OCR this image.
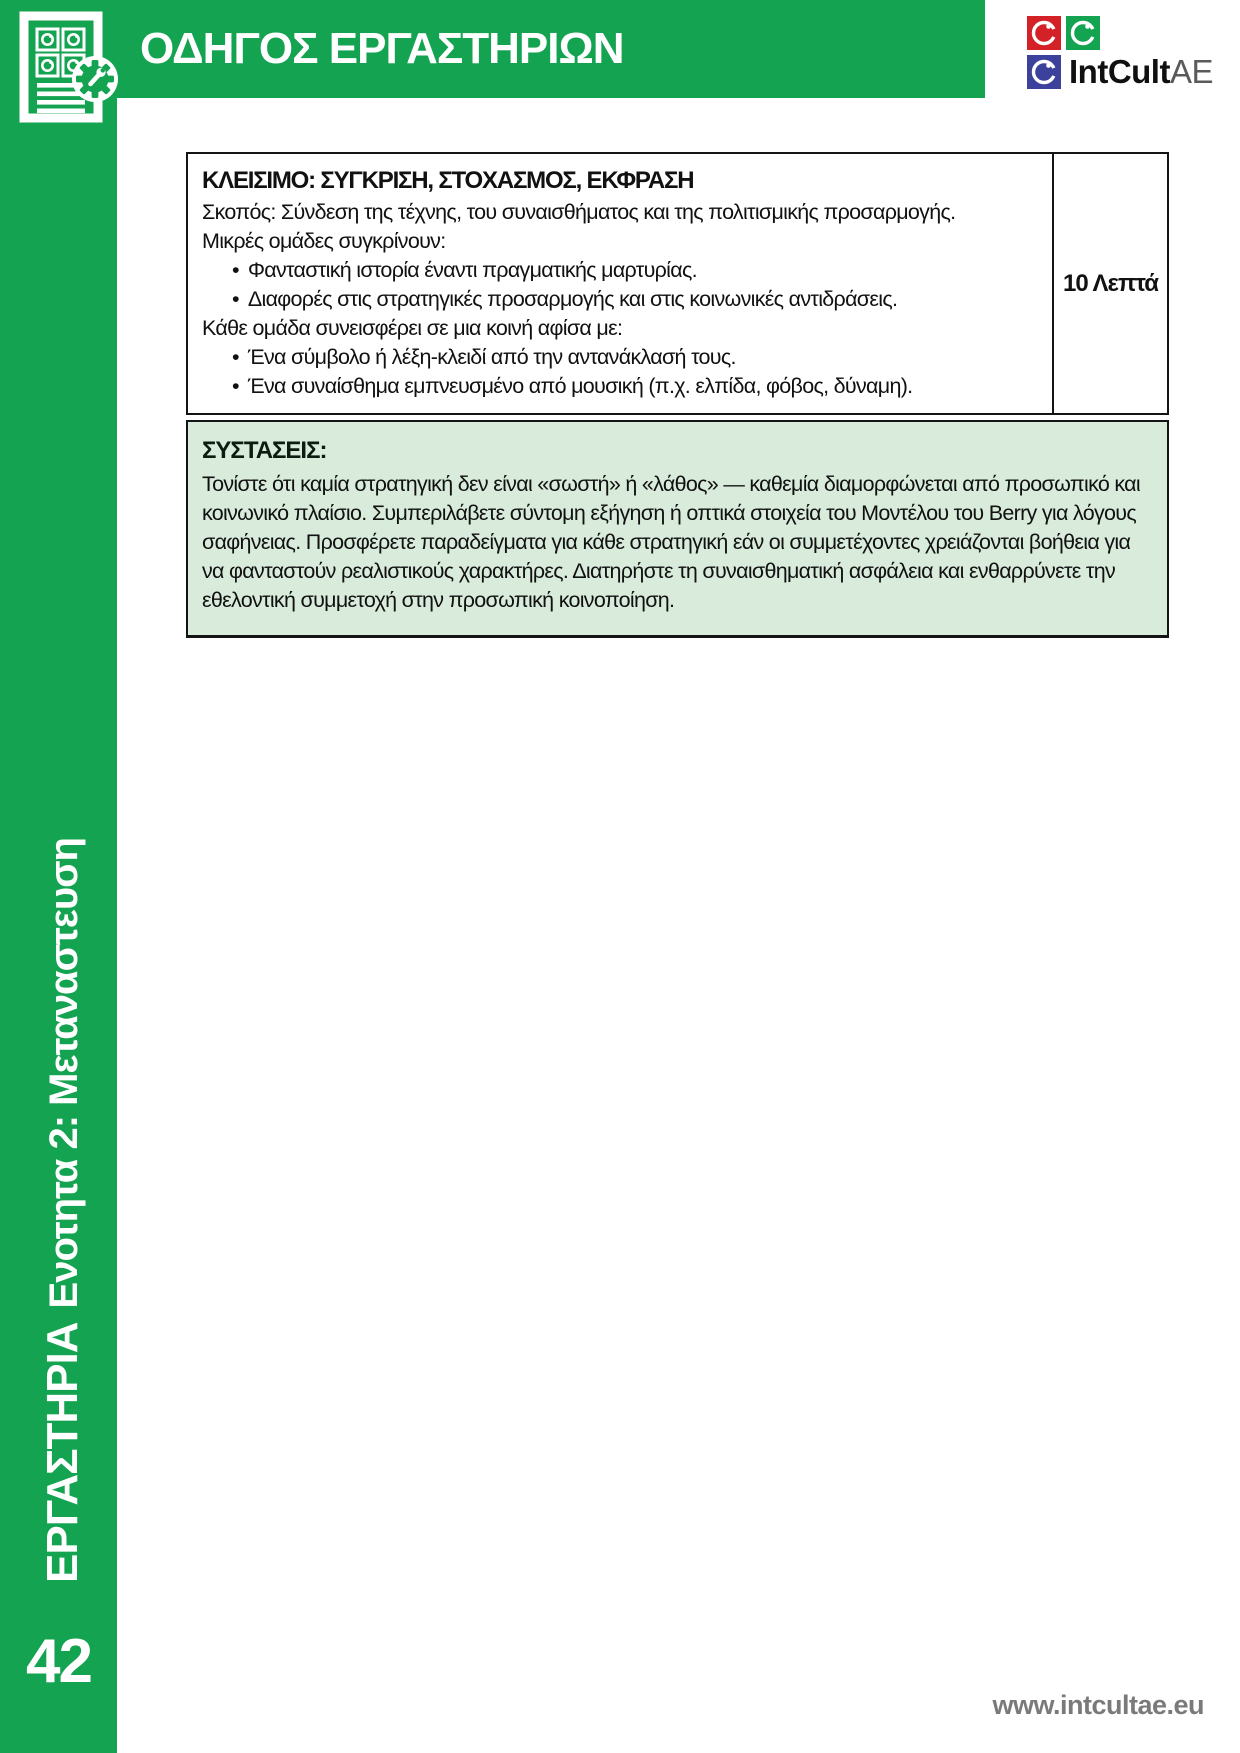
ΕΡΓΑΣΤΗΡΙΑΕνοτητα 2: Μεταναστευση
42
ΟΔΗΓΟΣ ΕΡΓΑΣΤΗΡΙΩΝ	IntCultAE

ΚΛΕΙΣΙΜΟ: ΣΥΓΚΡΙΣΗ, ΣΤΟΧΑΣΜΟΣ, ΕΚΦΡΑΣΗ

Σκοπός: Σύνδεση της τέχνης, του συναισθήματος και της πολιτισμικής προσαρμογής.
Μικρές ομάδες συγκρίνουν:
• Φανταστική ιστορία έναντι πραγματικής μαρτυρίας.
• Διαφορές στις στρατηγικές προσαρμογής και στις κοινωνικές αντιδράσεις.
Κάθε ομάδα συνεισφέρει σε μια κοινή αφίσα με:
• Ένα σύμβολο ή λέξη-κλειδί από την αντανάκλασή τους.
• Ένα συναίσθημα εμπνευσμένο από μουσική (π.χ. ελπίδα, φόβος, δύναμη).
10 Λεπτά

ΣΥΣΤΑΣΕΙΣ:

Τονίστε ότι καμία στρατηγική δεν είναι «σωστή» ή «λάθος» — καθεμία διαμορφώνεται από προσωπικό και κοινωνικό πλαίσιο. Συμπεριλάβετε σύντομη εξήγηση ή οπτικά στοιχεία του Μοντέλου του Berry για λόγους σαφήνειας. Προσφέρετε παραδείγματα για κάθε στρατηγική εάν οι συμμετέχοντες χρειάζονται βοήθεια για να φανταστούν ρεαλιστικούς χαρακτήρες. Διατηρήστε τη συναισθηματική ασφάλεια και ενθαρρύνετε την εθελοντική συμμετοχή στην προσωπική κοινοποίηση.
www.intcultae.eu
